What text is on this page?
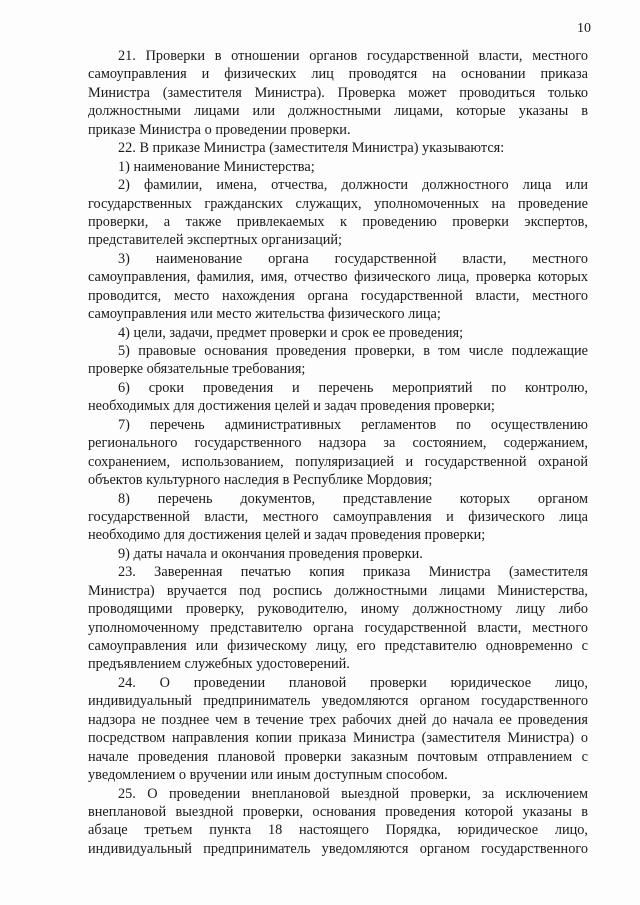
10
21. Проверки в отношении органов государственной власти, местного
самоуправления и физических лиц проводятся на основании приказа
Министра (заместителя Министра). Проверка может проводиться только
должностными лицами или должностными лицами, которые указаны в
приказе Министра о проведении проверки.
22. В приказе Министра (заместителя Министра) указываются:
1) наименование Министерства;
2) фамилии, имена, отчества, должности должностного лица или
государственных гражданских служащих, уполномоченных на проведение
проверки, а также привлекаемых к проведению проверки экспертов,
представителей экспертных организаций;
3) наименование органа государственной власти, местного
самоуправления, фамилия, имя, отчество физического лица, проверка которых
проводится, место нахождения органа государственной власти, местного
самоуправления или место жительства физического лица;
4) цели, задачи, предмет проверки и срок ее проведения;
5) правовые основания проведения проверки, в том числе подлежащие
проверке обязательные требования;
6) сроки проведения и перечень мероприятий по контролю,
необходимых для достижения целей и задач проведения проверки;
7) перечень административных регламентов по осуществлению
регионального государственного надзора за состоянием, содержанием,
сохранением, использованием, популяризацией и государственной охраной
объектов культурного наследия в Республике Мордовия;
8) перечень документов, представление которых органом
государственной власти, местного самоуправления и физического лица
необходимо для достижения целей и задач проведения проверки;
9) даты начала и окончания проведения проверки.
23. Заверенная печатью копия приказа Министра (заместителя
Министра) вручается под роспись должностными лицами Министерства,
проводящими проверку, руководителю, иному должностному лицу либо
уполномоченному представителю органа государственной власти, местного
самоуправления или физическому лицу, его представителю одновременно с
предъявлением служебных удостоверений.
24. О проведении плановой проверки юридическое лицо,
индивидуальный предприниматель уведомляются органом государственного
надзора не позднее чем в течение трех рабочих дней до начала ее проведения
посредством направления копии приказа Министра (заместителя Министра) о
начале проведения плановой проверки заказным почтовым отправлением с
уведомлением о вручении или иным доступным способом.
25. О проведении внеплановой выездной проверки, за исключением
внеплановой выездной проверки, основания проведения которой указаны в
абзаце третьем пункта 18 настоящего Порядка, юридическое лицо,
индивидуальный предприниматель уведомляются органом государственного
